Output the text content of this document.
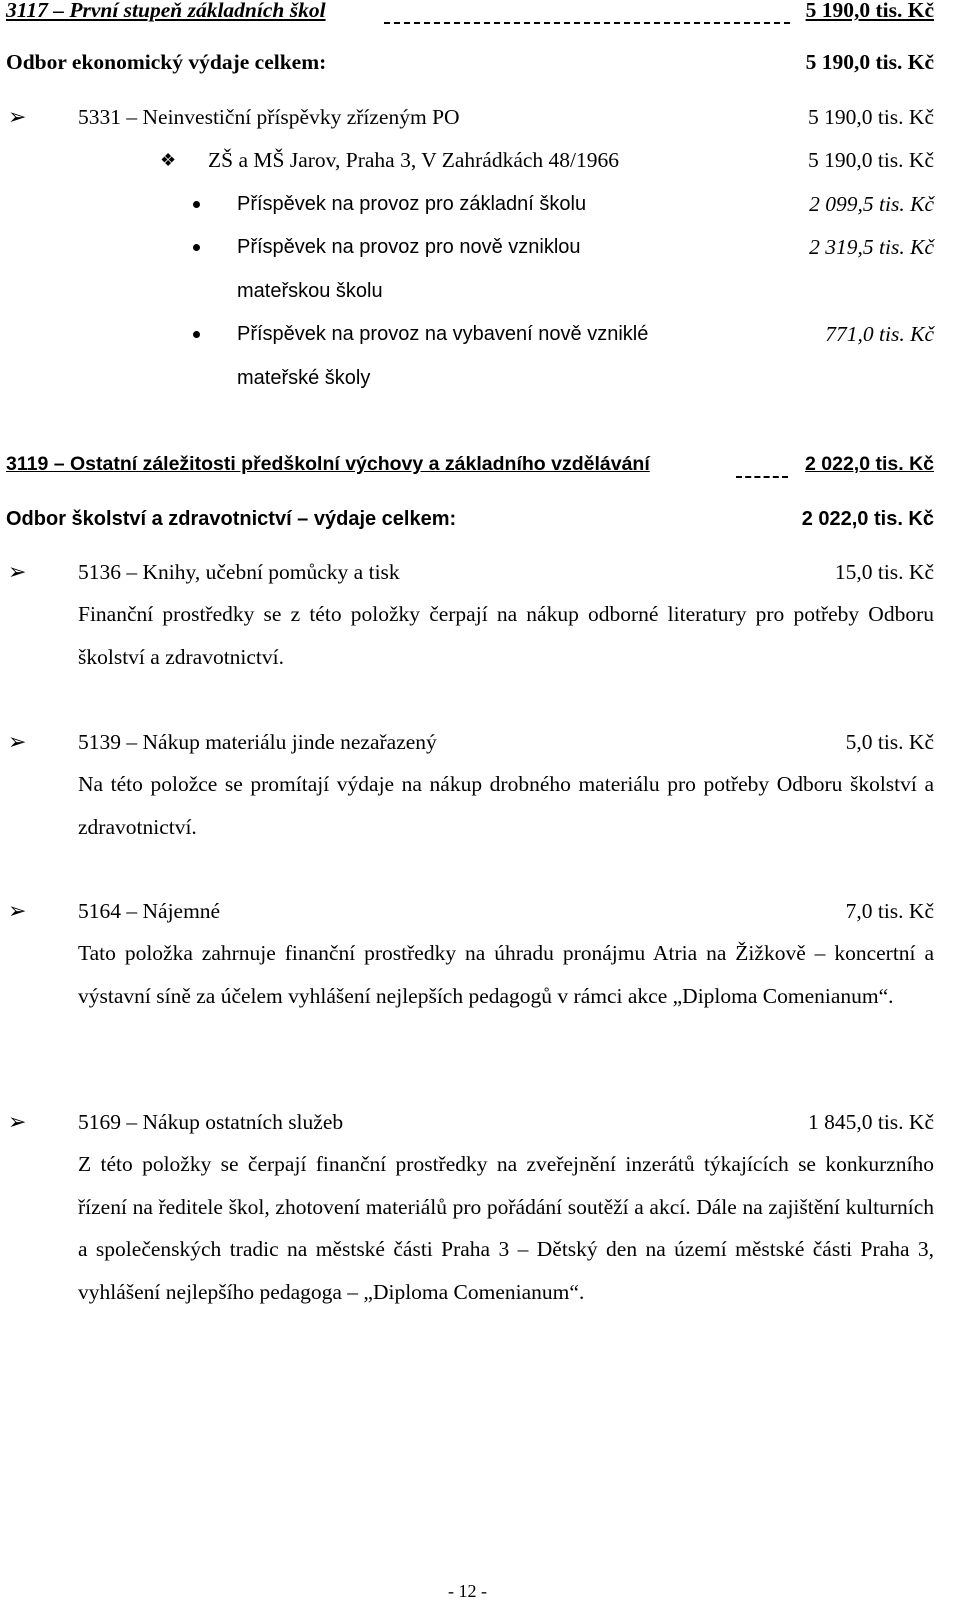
3117 – První stupeň základních škol	5 190,0 tis. Kč
Odbor ekonomický výdaje celkem:	5 190,0 tis. Kč
➢ 5331 – Neinvestiční příspěvky zřízeným PO	5 190,0 tis. Kč
❖ ZŠ a MŠ Jarov, Praha 3, V Zahrádkách 48/1966	5 190,0 tis. Kč
Příspěvek na provoz pro základní školu	2 099,5 tis. Kč
Příspěvek na provoz pro nově vzniklou	2 319,5 tis. Kč
mateřskou školu
Příspěvek na provoz na vybavení nově vzniklé	771,0 tis. Kč
mateřské školy
3119 – Ostatní záležitosti předškolní výchovy a základního vzdělávání	2 022,0 tis. Kč
Odbor školství a zdravotnictví – výdaje celkem:	2 022,0 tis. Kč
➢ 5136 – Knihy, učební pomůcky a tisk	15,0 tis. Kč
Finanční prostředky se z této položky čerpají na nákup odborné literatury pro potřeby Odboru školství a zdravotnictví.
➢ 5139 – Nákup materiálu jinde nezařazený	5,0 tis. Kč
Na této položce se promítají výdaje na nákup drobného materiálu pro potřeby Odboru školství a zdravotnictví.
➢ 5164 – Nájemné	7,0 tis. Kč
Tato položka zahrnuje finanční prostředky na úhradu pronájmu Atria na Žižkově – koncertní a výstavní síně za účelem vyhlášení nejlepších pedagogů v rámci akce „Diploma Comenianum“.
➢ 5169 – Nákup ostatních služeb	1 845,0 tis. Kč
Z této položky se čerpají finanční prostředky na zveřejnění inzerátů týkajících se konkurzního řízení na ředitele škol, zhotovení materiálů pro pořádání soutěží a akcí. Dále na zajištění kulturních a společenských tradic na městské části Praha 3 – Dětský den na území městské části Praha 3, vyhlášení nejlepšího pedagoga – „Diploma Comenianum“.
- 12 -
